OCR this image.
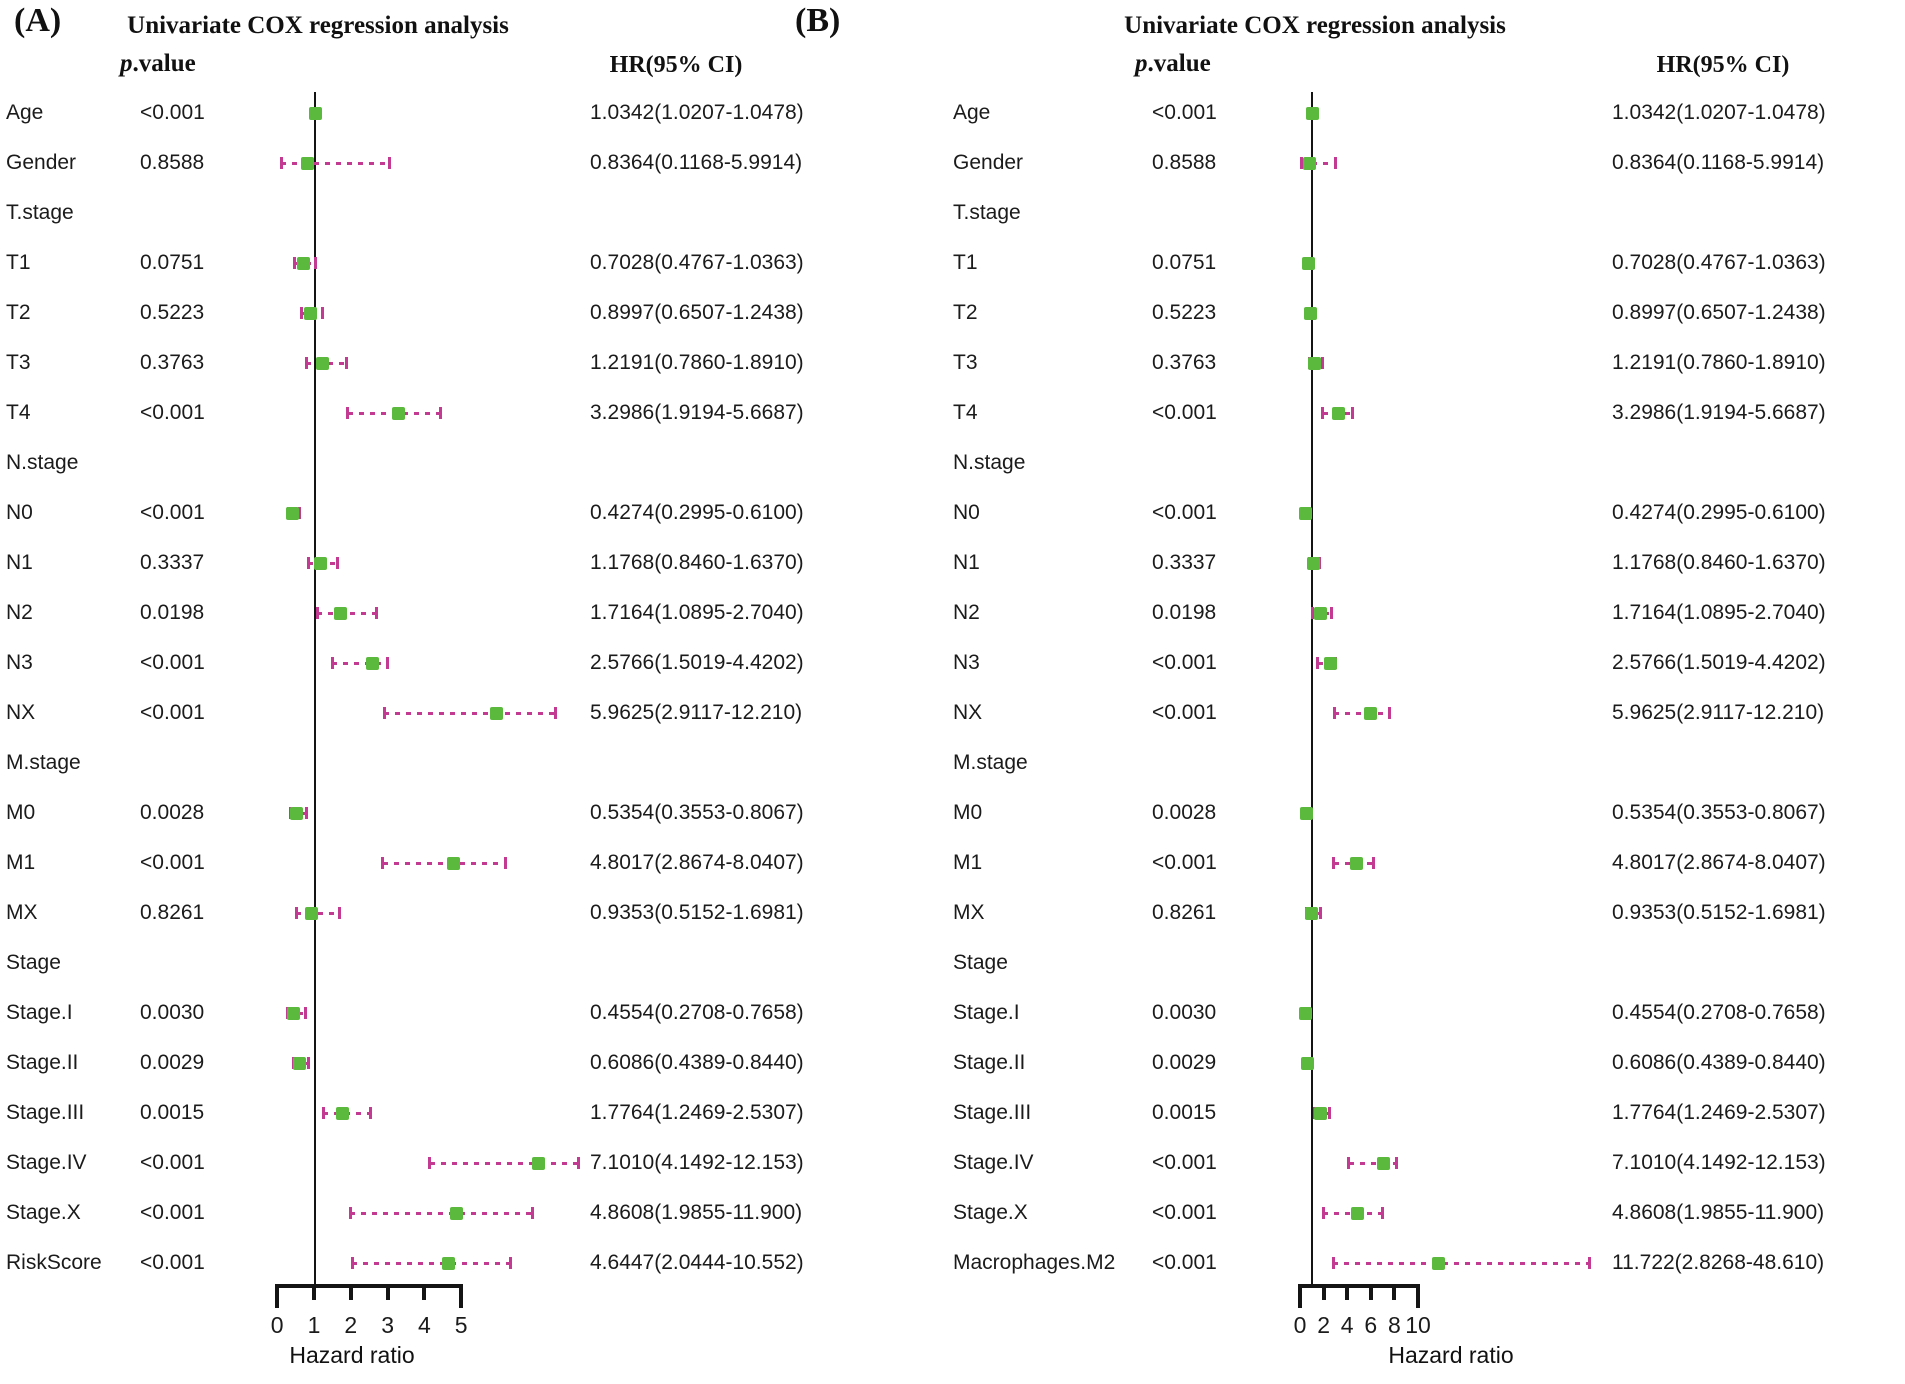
(A)	(B)
Univariate COX regression analysis	Univariate COX regression analysis
p.value	p.value
HR(95% CI)	HR(95% CI)
Hazard ratio	Hazard ratio
Age	<0.001	1.0342(1.0207-1.0478)
Gender	0.8588	0.8364(0.1168-5.9914)
T.stage
T1	0.0751	0.7028(0.4767-1.0363)
T2	0.5223	0.8997(0.6507-1.2438)
T3	0.3763	1.2191(0.7860-1.8910)
T4	<0.001	3.2986(1.9194-5.6687)
N.stage
N0	<0.001	0.4274(0.2995-0.6100)
N1	0.3337	1.1768(0.8460-1.6370)
N2	0.0198	1.7164(1.0895-2.7040)
N3	<0.001	2.5766(1.5019-4.4202)
NX	<0.001	5.9625(2.9117-12.210)
M.stage
M0	0.0028	0.5354(0.3553-0.8067)
M1	<0.001	4.8017(2.8674-8.0407)
MX	0.8261	0.9353(0.5152-1.6981)
Stage
Stage.I	0.0030	0.4554(0.2708-0.7658)
Stage.II	0.0029	0.6086(0.4389-0.8440)
Stage.III	0.0015	1.7764(1.2469-2.5307)
Stage.IV	<0.001	7.1010(4.1492-12.153)
Stage.X	<0.001	4.8608(1.9855-11.900)
RiskScore <0.001	4.6447(2.0444-10.552)
0	1	2	3	4	5
Age	<0.001	1.0342(1.0207-1.0478)
Gender	0.8588	0.8364(0.1168-5.9914)
T.stage
T1	0.0751	0.7028(0.4767-1.0363)
T2	0.5223	0.8997(0.6507-1.2438)
T3	0.3763	1.2191(0.7860-1.8910)
T4	<0.001	3.2986(1.9194-5.6687)
N.stage
N0	<0.001	0.4274(0.2995-0.6100)
N1	0.3337	1.1768(0.8460-1.6370)
N2	0.0198	1.7164(1.0895-2.7040)
N3	<0.001	2.5766(1.5019-4.4202)
NX	<0.001	5.9625(2.9117-12.210)
M.stage
M0	0.0028	0.5354(0.3553-0.8067)
M1	<0.001	4.8017(2.8674-8.0407)
MX	0.8261	0.9353(0.5152-1.6981)
Stage
Stage.I	0.0030	0.4554(0.2708-0.7658)
Stage.II	0.0029	0.6086(0.4389-0.8440)
Stage.III	0.0015	1.7764(1.2469-2.5307)
Stage.IV	<0.001	7.1010(4.1492-12.153)
Stage.X	<0.001	4.8608(1.9855-11.900)
Macrophages.M2 <0.001	11.722(2.8268-48.610)
0 2 4 6 8 10
